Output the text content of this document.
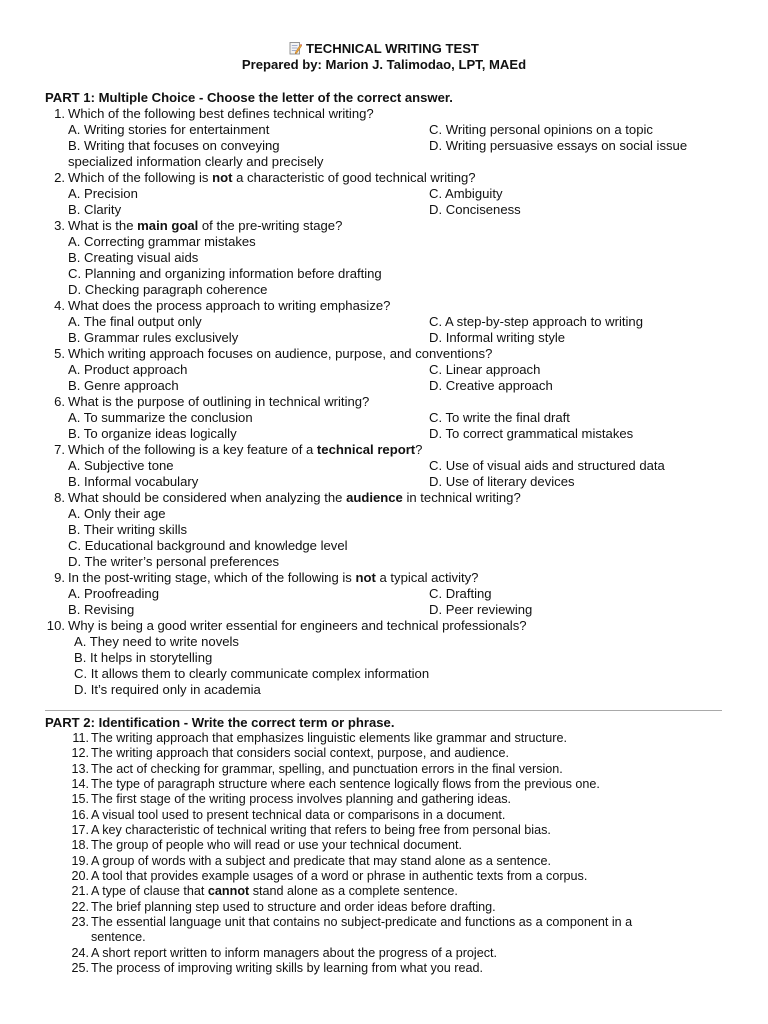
TECHNICAL WRITING TEST
Prepared by: Marion J. Talimodao, LPT, MAEd
PART 1: Multiple Choice - Choose the letter of the correct answer.
1. Which of the following best defines technical writing?
A. Writing stories for entertainment	C. Writing personal opinions on a topic
B. Writing that focuses on conveying	D. Writing persuasive essays on social issue
specialized information clearly and precisely
2. Which of the following is not a characteristic of good technical writing?
A. Precision	C. Ambiguity
B. Clarity	D. Conciseness
3. What is the main goal of the pre-writing stage?
A. Correcting grammar mistakes
B. Creating visual aids
C. Planning and organizing information before drafting
D. Checking paragraph coherence
4. What does the process approach to writing emphasize?
A. The final output only	C. A step-by-step approach to writing
B. Grammar rules exclusively	D. Informal writing style
5. Which writing approach focuses on audience, purpose, and conventions?
A. Product approach	C. Linear approach
B. Genre approach	D. Creative approach
6. What is the purpose of outlining in technical writing?
A. To summarize the conclusion	C. To write the final draft
B. To organize ideas logically	D. To correct grammatical mistakes
7. Which of the following is a key feature of a technical report?
A. Subjective tone	C. Use of visual aids and structured data
B. Informal vocabulary	D. Use of literary devices
8. What should be considered when analyzing the audience in technical writing?
A. Only their age
B. Their writing skills
C. Educational background and knowledge level
D. The writer’s personal preferences
9. In the post-writing stage, which of the following is not a typical activity?
A. Proofreading	C. Drafting
B. Revising	D. Peer reviewing
10. Why is being a good writer essential for engineers and technical professionals?
A. They need to write novels
B. It helps in storytelling
C. It allows them to clearly communicate complex information
D. It’s required only in academia
PART 2: Identification - Write the correct term or phrase.
11. The writing approach that emphasizes linguistic elements like grammar and structure.
12. The writing approach that considers social context, purpose, and audience.
13. The act of checking for grammar, spelling, and punctuation errors in the final version.
14. The type of paragraph structure where each sentence logically flows from the previous one.
15. The first stage of the writing process involves planning and gathering ideas.
16. A visual tool used to present technical data or comparisons in a document.
17. A key characteristic of technical writing that refers to being free from personal bias.
18. The group of people who will read or use your technical document.
19. A group of words with a subject and predicate that may stand alone as a sentence.
20. A tool that provides example usages of a word or phrase in authentic texts from a corpus.
21. A type of clause that cannot stand alone as a complete sentence.
22. The brief planning step used to structure and order ideas before drafting.
23. The essential language unit that contains no subject-predicate and functions as a component in a
sentence.
24. A short report written to inform managers about the progress of a project.
25. The process of improving writing skills by learning from what you read.
